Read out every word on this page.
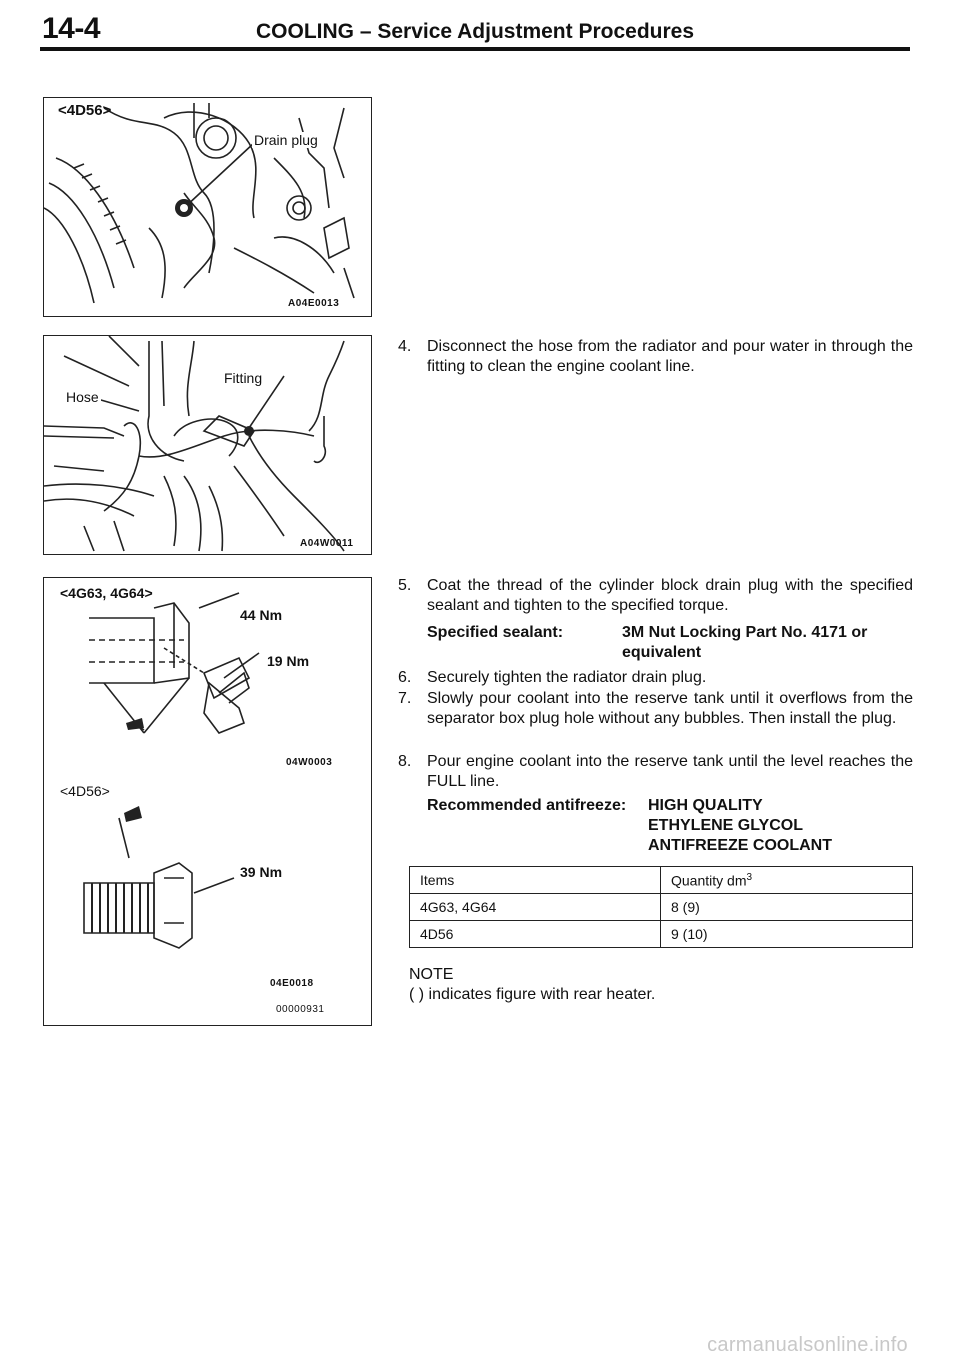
14-4	COOLING – Service Adjustment Procedures
<4D56>
Drain plug
A04E0013
Fitting
Hose
A04W0011
<4G63, 4G64>
44 Nm
19 Nm
04W0003
<4D56>
39 Nm
04E0018
00000931
4. Disconnect the hose from the radiator and pour water in through the fitting to clean the engine coolant line.
5. Coat the thread of the cylinder block drain plug with the specified sealant and tighten to the specified torque.
Specified sealant:	3M Nut Locking Part No. 4171 or
equivalent
6. Securely tighten the radiator drain plug.
7. Slowly pour coolant into the reserve tank until it overflows from the separator box plug hole without any bubbles. Then install the plug.
8. Pour engine coolant into the reserve tank until the level reaches the FULL line.
Recommended antifreeze: HIGH QUALITY
ETHYLENE GLYCOL
ANTIFREEZE COOLANT
Items	Quantity $dm^3$
4G63, 4G64	8 (9)
4D56	9 (10)
NOTE
( ) indicates figure with rear heater.
carmanualsonline.info
